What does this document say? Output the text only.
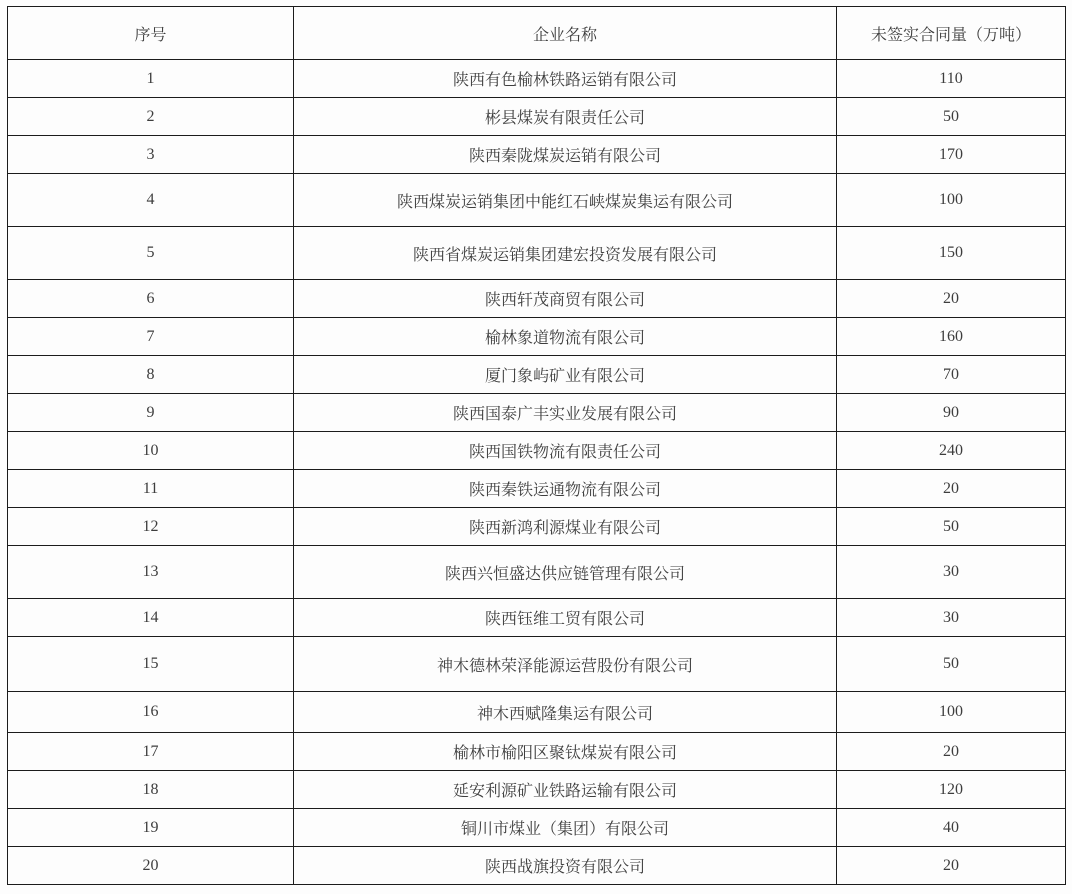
序号	企业名称	未签实合同量（万吨）
1	陕西有色榆林铁路运销有限公司	110
2	彬县煤炭有限责任公司	50
3	陕西秦陇煤炭运销有限公司	170
4	陕西煤炭运销集团中能红石峡煤炭集运有限公司	100
5	陕西省煤炭运销集团建宏投资发展有限公司	150
6	陕西轩茂商贸有限公司	20
7	榆林象道物流有限公司	160
8	厦门象屿矿业有限公司	70
9	陕西国泰广丰实业发展有限公司	90
10	陕西国铁物流有限责任公司	240
11	陕西秦铁运通物流有限公司	20
12	陕西新鸿利源煤业有限公司	50
13	陕西兴恒盛达供应链管理有限公司	30
14	陕西钰维工贸有限公司	30
15	神木德林荣泽能源运营股份有限公司	50
16	神木西赋隆集运有限公司	100
17	榆林市榆阳区聚钛煤炭有限公司	20
18	延安利源矿业铁路运输有限公司	120
19	铜川市煤业（集团）有限公司	40
20	陕西战旗投资有限公司	20
